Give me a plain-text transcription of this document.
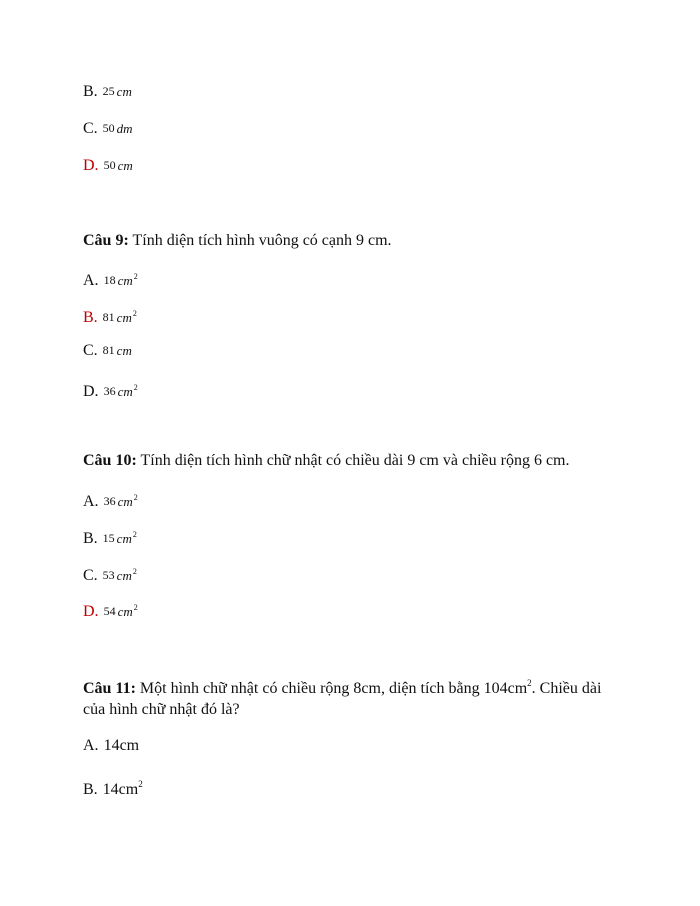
B. 25 cm
C. 50 dm
D. 50 cm
Câu 9: Tính diện tích hình vuông có cạnh 9 cm.
A. 18 $cm^2$
B. 81 $cm^2$
C. 81 cm
D. 36 $cm^2$
Câu 10: Tính diện tích hình chữ nhật có chiều dài 9 cm và chiều rộng 6 cm.
A. 36 $cm^2$
B. 15 $cm^2$
C. 53 $cm^2$
D. 54 $cm^2$
Câu 11: Một hình chữ nhật có chiều rộng 8cm, diện tích bằng $104cm^2$. Chiều dài
của hình chữ nhật đó là?
A. 14cm
B. $14cm^2$
